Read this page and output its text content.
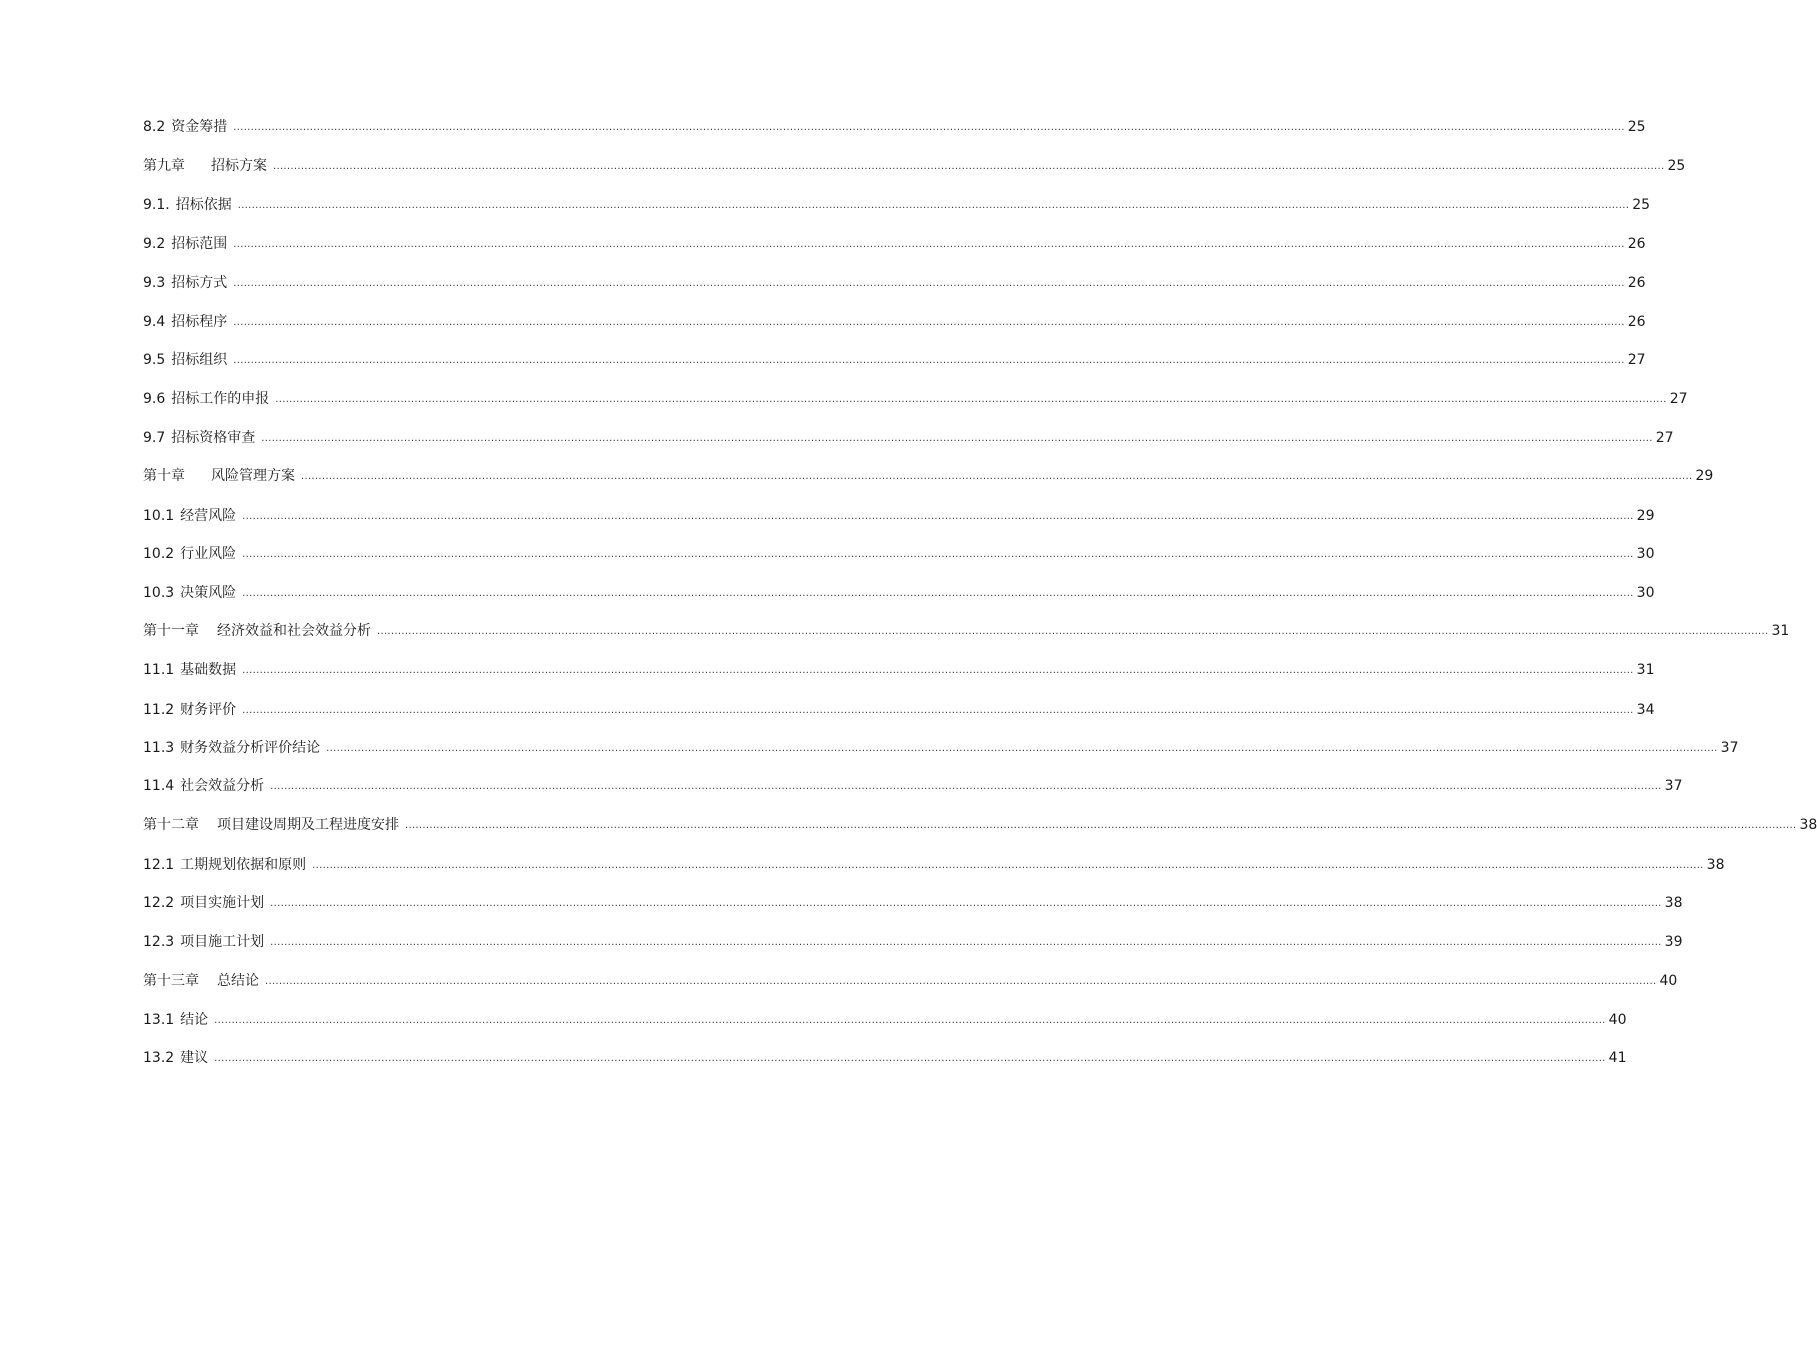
8.2 资金筹措 ................................................................................................................................................................................................................................................................................................................................................................................................................ 25
第九章 招标方案 ................................................................................................................................................................................................................................................................................................................................................................................................................ 25
9.1. 招标依据 ................................................................................................................................................................................................................................................................................................................................................................................................................ 25
9.2 招标范围 ................................................................................................................................................................................................................................................................................................................................................................................................................ 26
9.3 招标方式 ................................................................................................................................................................................................................................................................................................................................................................................................................ 26
9.4 招标程序 ................................................................................................................................................................................................................................................................................................................................................................................................................ 26
9.5 招标组织 ................................................................................................................................................................................................................................................................................................................................................................................................................ 27
9.6 招标工作的申报 ................................................................................................................................................................................................................................................................................................................................................................................................................ 27
9.7 招标资格审查 ................................................................................................................................................................................................................................................................................................................................................................................................................ 27
第十章 风险管理方案 ................................................................................................................................................................................................................................................................................................................................................................................................................ 29
10.1 经营风险 ................................................................................................................................................................................................................................................................................................................................................................................................................ 29
10.2 行业风险 ................................................................................................................................................................................................................................................................................................................................................................................................................ 30
10.3 决策风险 ................................................................................................................................................................................................................................................................................................................................................................................................................ 30
第十一章 经济效益和社会效益分析 ................................................................................................................................................................................................................................................................................................................................................................................................................ 31
11.1 基础数据 ................................................................................................................................................................................................................................................................................................................................................................................................................ 31
11.2 财务评价 ................................................................................................................................................................................................................................................................................................................................................................................................................ 34
11.3 财务效益分析评价结论 ................................................................................................................................................................................................................................................................................................................................................................................................................ 37
11.4 社会效益分析 ................................................................................................................................................................................................................................................................................................................................................................................................................ 37
第十二章 项目建设周期及工程进度安排 ................................................................................................................................................................................................................................................................................................................................................................................................................ 38
12.1 工期规划依据和原则 ................................................................................................................................................................................................................................................................................................................................................................................................................ 38
12.2 项目实施计划 ................................................................................................................................................................................................................................................................................................................................................................................................................ 38
12.3 项目施工计划 ................................................................................................................................................................................................................................................................................................................................................................................................................ 39
第十三章 总结论 ................................................................................................................................................................................................................................................................................................................................................................................................................ 40
13.1 结论 ................................................................................................................................................................................................................................................................................................................................................................................................................ 40
13.2 建议 ................................................................................................................................................................................................................................................................................................................................................................................................................ 41
